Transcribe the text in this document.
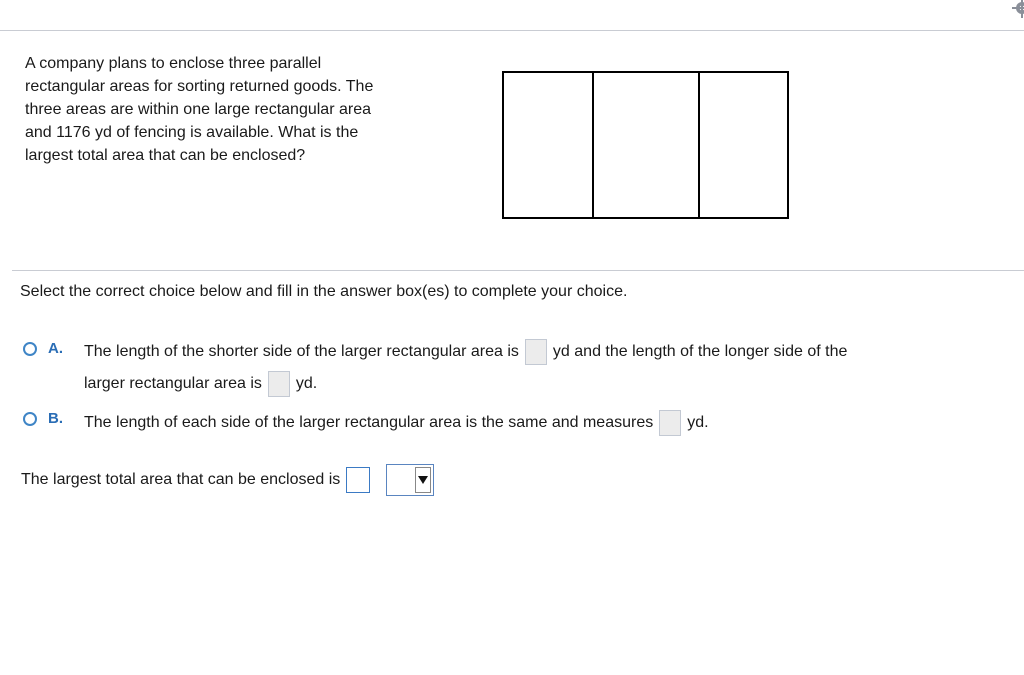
A company plans to enclose three parallel
rectangular areas for sorting returned goods. The
three areas are within one large rectangular area
and 1176 yd of fencing is available. What is the
largest total area that can be enclosed?
Select the correct choice below and fill in the answer box(es) to complete your choice.
A. The length of the shorter side of the larger rectangular area is yd and the length of the longer side of the
larger rectangular area is yd.
B. The length of each side of the larger rectangular area is the same and measures yd.
The largest total area that can be enclosed is
